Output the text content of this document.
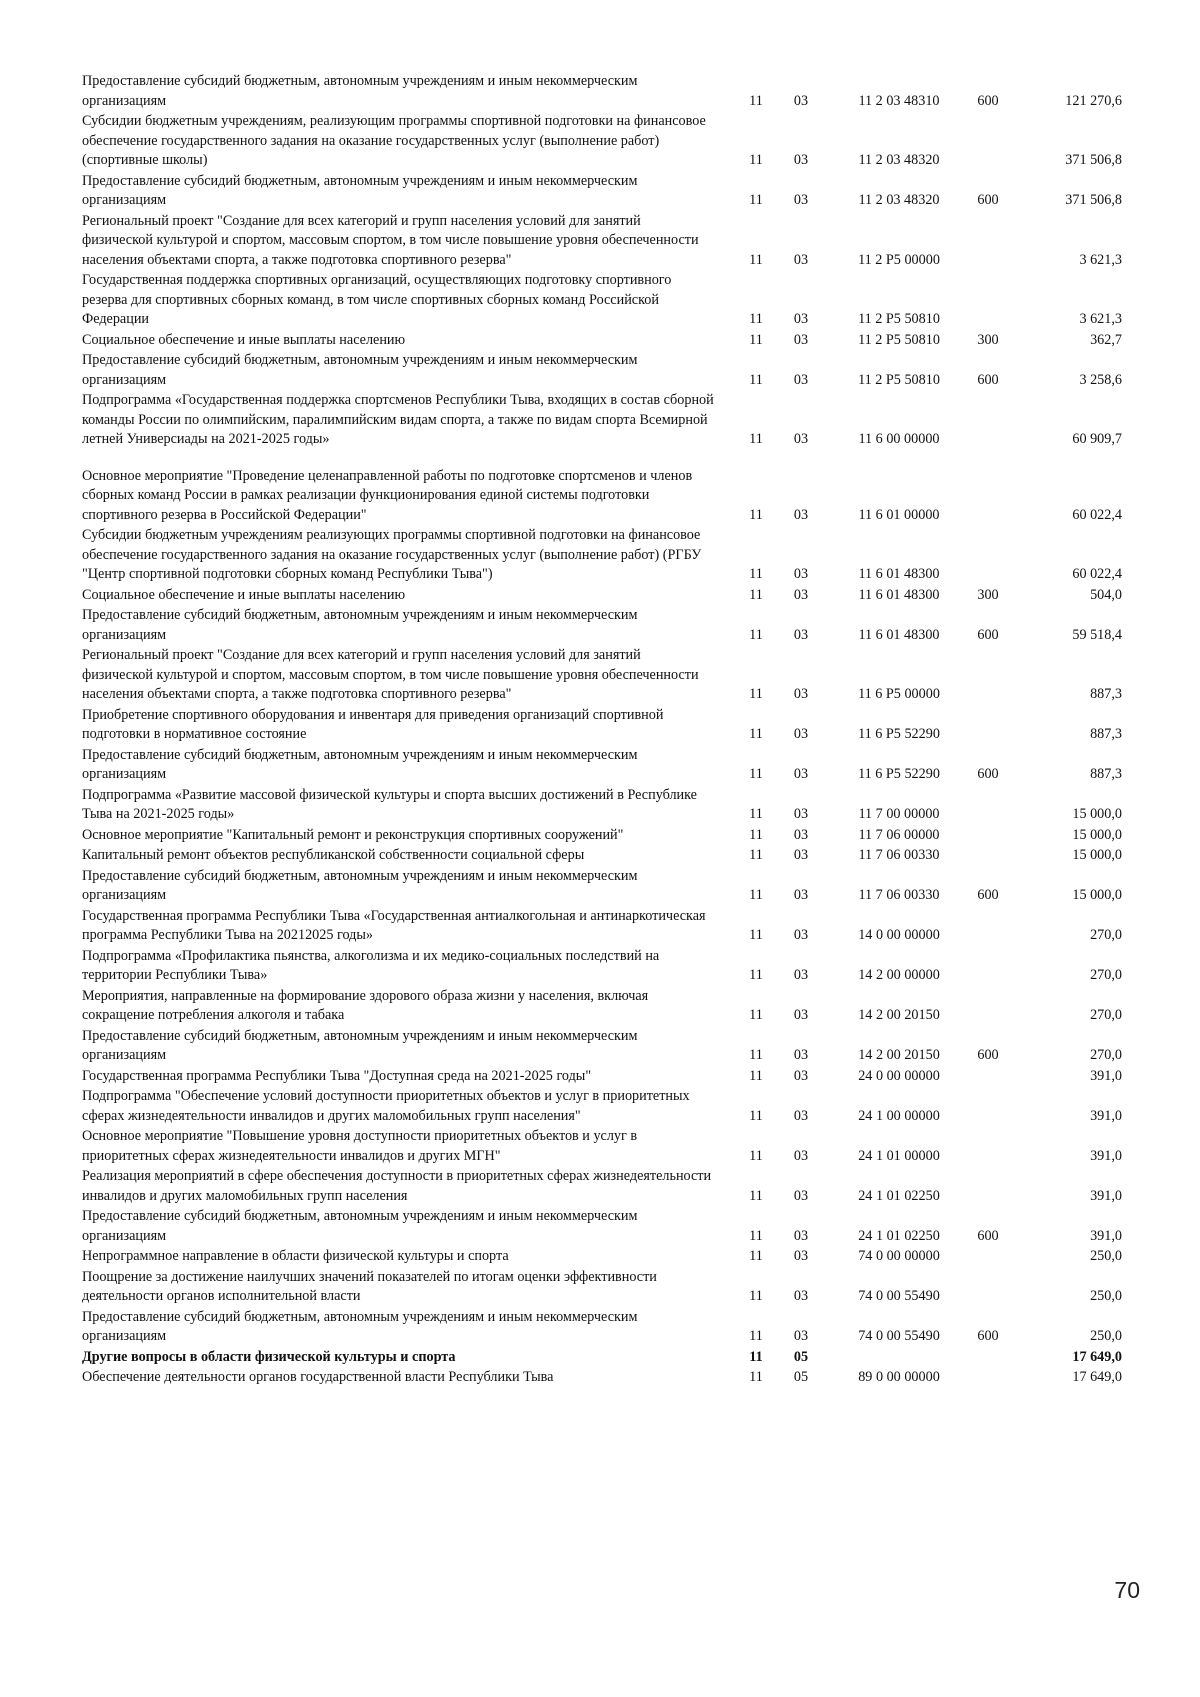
Предоставление субсидий бюджетным, автономным учреждениям и иным некоммерческим организациям	11	03	11 2 03 48310	600	121 270,6
Субсидии бюджетным учреждениям, реализующим программы спортивной подготовки на финансовое обеспечение государственного задания на оказание государственных услуг (выполнение работ) (спортивные школы)	11	03	11 2 03 48320		371 506,8
Предоставление субсидий бюджетным, автономным учреждениям и иным некоммерческим организациям	11	03	11 2 03 48320	600	371 506,8
Региональный проект "Создание для всех категорий и групп населения условий для занятий физической культурой и спортом, массовым спортом, в том числе повышение уровня обеспеченности населения объектами спорта, а также подготовка спортивного резерва"	11	03	11 2 P5 00000		3 621,3
Государственная поддержка спортивных организаций, осуществляющих подготовку спортивного резерва для спортивных сборных команд, в том числе спортивных сборных команд Российской Федерации	11	03	11 2 P5 50810		3 621,3
Социальное обеспечение и иные выплаты населению	11	03	11 2 P5 50810	300	362,7
Предоставление субсидий бюджетным, автономным учреждениям и иным некоммерческим организациям	11	03	11 2 P5 50810	600	3 258,6
Подпрограмма «Государственная поддержка спортсменов Республики Тыва, входящих в состав сборной команды России по олимпийским, паралимпийским видам спорта, а также по видам спорта Всемирной летней Универсиады на 2021-2025 годы»	11	03	11 6 00 00000		60 909,7
Основное мероприятие "Проведение целенаправленной работы по подготовке спортсменов и членов сборных команд России в рамках реализации функционирования единой системы подготовки спортивного резерва в Российской Федерации"	11	03	11 6 01 00000		60 022,4
Субсидии бюджетным учреждениям реализующих программы спортивной подготовки на финансовое обеспечение государственного задания на оказание государственных услуг (выполнение работ) (РГБУ "Центр спортивной подготовки сборных команд Республики Тыва")	11	03	11 6 01 48300		60 022,4
Социальное обеспечение и иные выплаты населению	11	03	11 6 01 48300	300	504,0
Предоставление субсидий бюджетным, автономным учреждениям и иным некоммерческим организациям	11	03	11 6 01 48300	600	59 518,4
Региональный проект "Создание для всех категорий и групп населения условий для занятий физической культурой и спортом, массовым спортом, в том числе повышение уровня обеспеченности населения объектами спорта, а также подготовка спортивного резерва"	11	03	11 6 P5 00000		887,3
Приобретение спортивного оборудования и инвентаря для приведения организаций спортивной подготовки в нормативное состояние	11	03	11 6 P5 52290		887,3
Предоставление субсидий бюджетным, автономным учреждениям и иным некоммерческим организациям	11	03	11 6 P5 52290	600	887,3
Подпрограмма «Развитие массовой физической культуры и спорта высших достижений в Республике Тыва на 2021-2025 годы»	11	03	11 7 00 00000		15 000,0
Основное мероприятие "Капитальный ремонт и реконструкция спортивных сооружений"	11	03	11 7 06 00000		15 000,0
Капитальный ремонт объектов республиканской собственности социальной сферы	11	03	11 7 06 00330		15 000,0
Предоставление субсидий бюджетным, автономным учреждениям и иным некоммерческим организациям	11	03	11 7 06 00330	600	15 000,0
Государственная программа Республики Тыва «Государственная антиалкогольная и антинаркотическая программа Республики Тыва на 20212025 годы»	11	03	14 0 00 00000		270,0
Подпрограмма «Профилактика пьянства, алкоголизма и их медико-социальных последствий на территории Республики Тыва»	11	03	14 2 00 00000		270,0
Мероприятия, направленные на формирование здорового образа жизни у населения, включая сокращение потребления алкоголя и табака	11	03	14 2 00 20150		270,0
Предоставление субсидий бюджетным, автономным учреждениям и иным некоммерческим организациям	11	03	14 2 00 20150	600	270,0
Государственная программа Республики Тыва "Доступная среда на 2021-2025 годы"	11	03	24 0 00 00000		391,0
Подпрограмма "Обеспечение условий доступности приоритетных объектов и услуг в приоритетных сферах жизнедеятельности инвалидов и других маломобильных групп населения"	11	03	24 1 00 00000		391,0
Основное мероприятие "Повышение уровня доступности приоритетных объектов и услуг в приоритетных сферах жизнедеятельности инвалидов и других МГН"	11	03	24 1 01 00000		391,0
Реализация мероприятий в сфере обеспечения доступности в приоритетных сферах жизнедеятельности инвалидов и других маломобильных групп населения	11	03	24 1 01 02250		391,0
Предоставление субсидий бюджетным, автономным учреждениям и иным некоммерческим организациям	11	03	24 1 01 02250	600	391,0
Непрограммное направление в области физической культуры и спорта	11	03	74 0 00 00000		250,0
Поощрение за достижение наилучших значений показателей по итогам оценки эффективности деятельности органов исполнительной власти	11	03	74 0 00 55490		250,0
Предоставление субсидий бюджетным, автономным учреждениям и иным некоммерческим организациям	11	03	74 0 00 55490	600	250,0
Другие вопросы в области физической культуры и спорта	11	05			17 649,0
Обеспечение деятельности органов государственной власти Республики Тыва	11	05	89 0 00 00000		17 649,0
70
